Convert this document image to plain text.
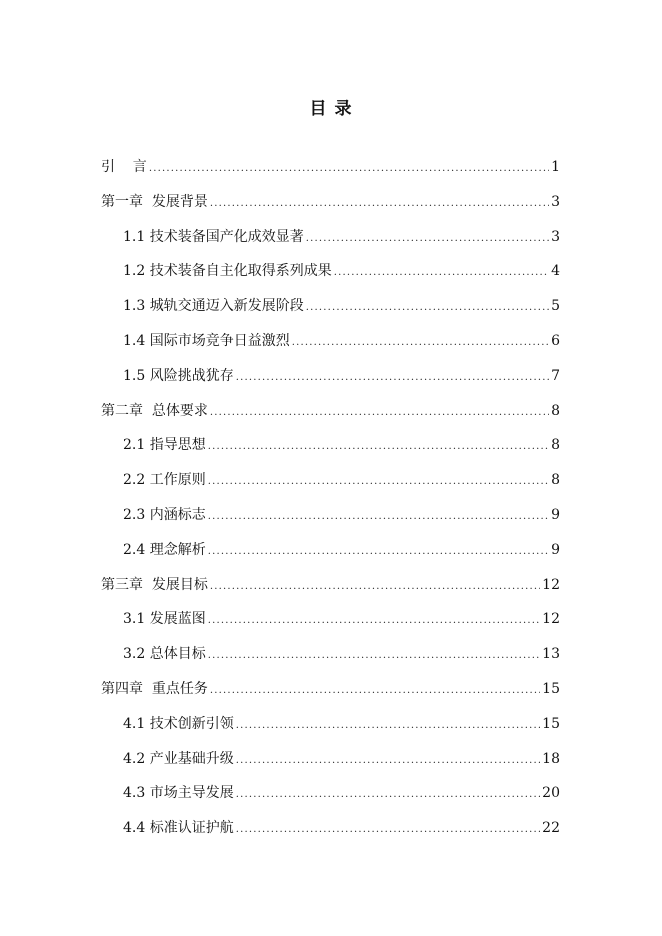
目 录
引    言 .....	1
第一章  发展背景 .....	3
1.1 技术装备国产化成效显著 .....	3
1.2 技术装备自主化取得系列成果 .....	4
1.3 城轨交通迈入新发展阶段 .....	5
1.4 国际市场竞争日益激烈 .....	6
1.5 风险挑战犹存 .....	7
第二章  总体要求 .....	8
2.1 指导思想 .....	8
2.2 工作原则 .....	8
2.3 内涵标志 .....	9
2.4 理念解析 .....	9
第三章  发展目标 .....	12
3.1 发展蓝图 .....	12
3.2 总体目标 .....	13
第四章  重点任务 .....	15
4.1 技术创新引领 .....	15
4.2 产业基础升级 .....	18
4.3 市场主导发展 .....	20
4.4 标准认证护航 .....	22
